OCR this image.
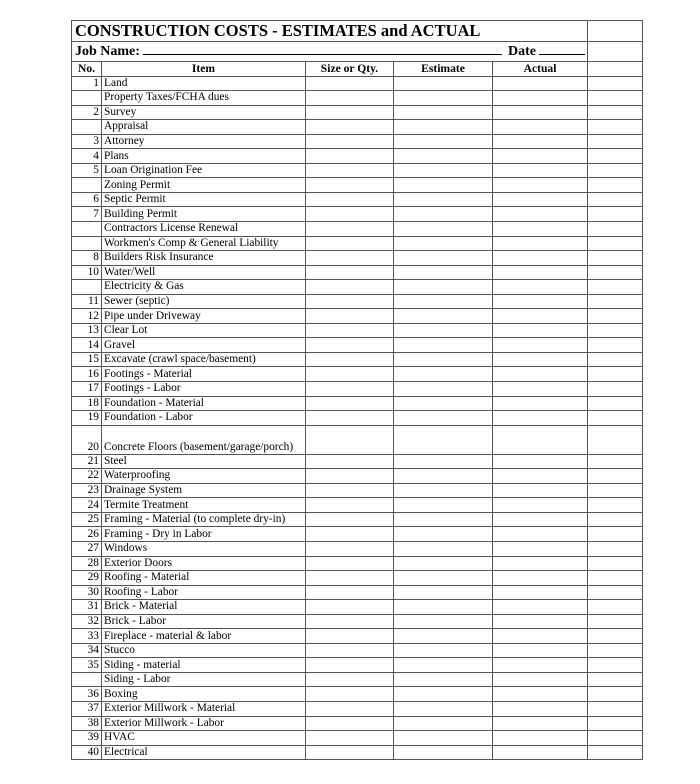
CONSTRUCTION COSTS - ESTIMATES and ACTUAL					

Job Name: Date					

No.	Item	Size or Qty.	Estimate	Actual	
1	Land				
	Property Taxes/FCHA dues				
2	Survey				
	Appraisal				
3	Attorney				
4	Plans				
5	Loan Origination Fee				
	Zoning Permit				
6	Septic Permit				
7	Building Permit				
	Contractors License Renewal				
	Workmen's Comp & General Liability				
8	Builders Risk Insurance				
10	Water/Well				
	Electricity & Gas				
11	Sewer (septic)				
12	Pipe under Driveway				
13	Clear Lot				
14	Gravel				
15	Excavate (crawl space/basement)				
16	Footings - Material				
17	Footings - Labor				
18	Foundation - Material				
19	Foundation - Labor				
20	Concrete Floors (basement/garage/porch)				
21	Steel				
22	Waterproofing				
23	Drainage System				
24	Termite Treatment				
25	Framing - Material (to complete dry-in)				
26	Framing - Dry in Labor				
27	Windows				
28	Exterior Doors				
29	Roofing - Material				
30	Roofing - Labor				
31	Brick - Material				
32	Brick - Labor				
33	Fireplace - material & labor				
34	Stucco				
35	Siding - material				
	Siding - Labor				
36	Boxing				
37	Exterior Millwork - Material				
38	Exterior Millwork - Labor				
39	HVAC				
40	Electrical				
